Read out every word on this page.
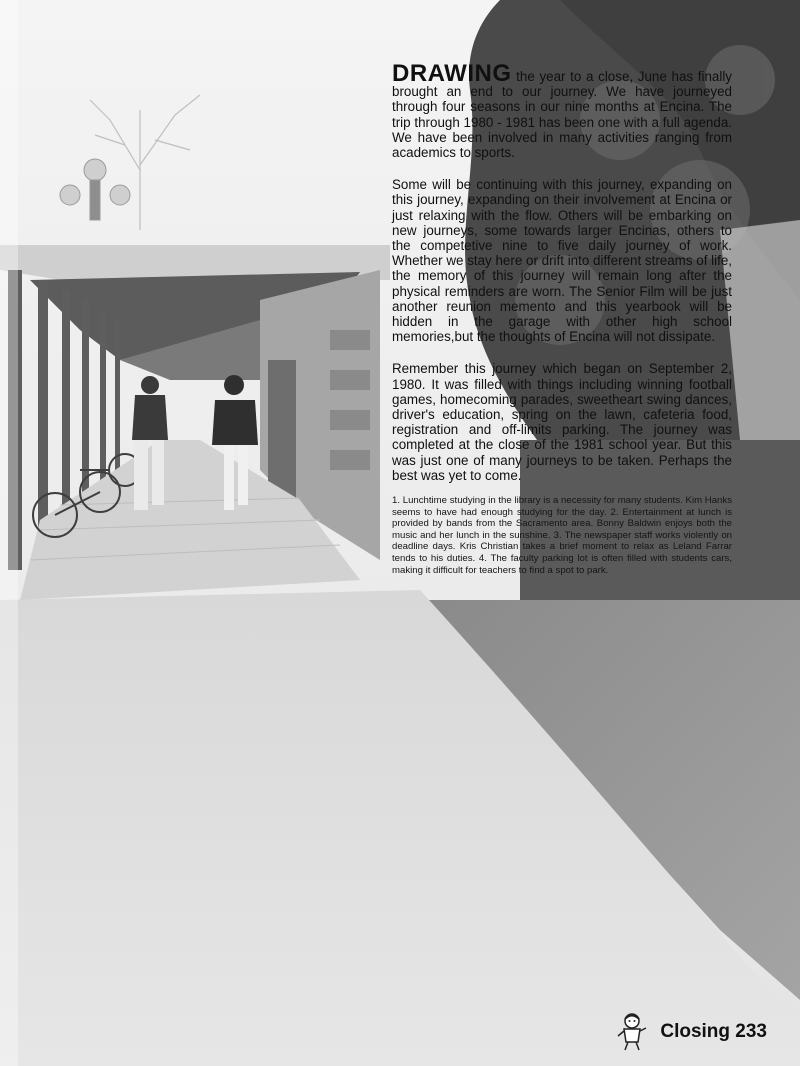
DRAWING the year to a close, June has finally brought an end to our journey. We have journeyed through four seasons in our nine months at Encina. The trip through 1980 - 1981 has been one with a full agenda. We have been involved in many activities ranging from academics to sports.

Some will be continuing with this journey, expanding on this journey, expanding on their involvement at Encina or just relaxing with the flow. Others will be embarking on new journeys, some towards larger Encinas, others to the competetive nine to five daily journey of work. Whether we stay here or drift into different streams of life, the memory of this journey will remain long after the physical reminders are worn. The Senior Film will be just another reunion memento and this yearbook will be hidden in the garage with other high school memories,but the thoughts of Encina will not dissipate.

Remember this journey which began on September 2, 1980. It was filled with things including winning football games, homecoming parades, sweetheart swing dances, driver's education, spring on the lawn, cafeteria food, registration and off-limits parking. The journey was completed at the close of the 1981 school year. But this was just one of many journeys to be taken. Perhaps the best was yet to come.

1. Lunchtime studying in the library is a necessity for many students. Kim Hanks seems to have had enough studying for the day. 2. Entertainment at lunch is provided by bands from the Sacramento area. Bonny Baldwin enjoys both the music and her lunch in the sunshine. 3. The newspaper staff works violently on deadline days. Kris Christian takes a brief moment to relax as Leland Farrar tends to his duties. 4. The faculty parking lot is often filled with students cars, making it difficult for teachers to find a spot to park.

Closing 233
